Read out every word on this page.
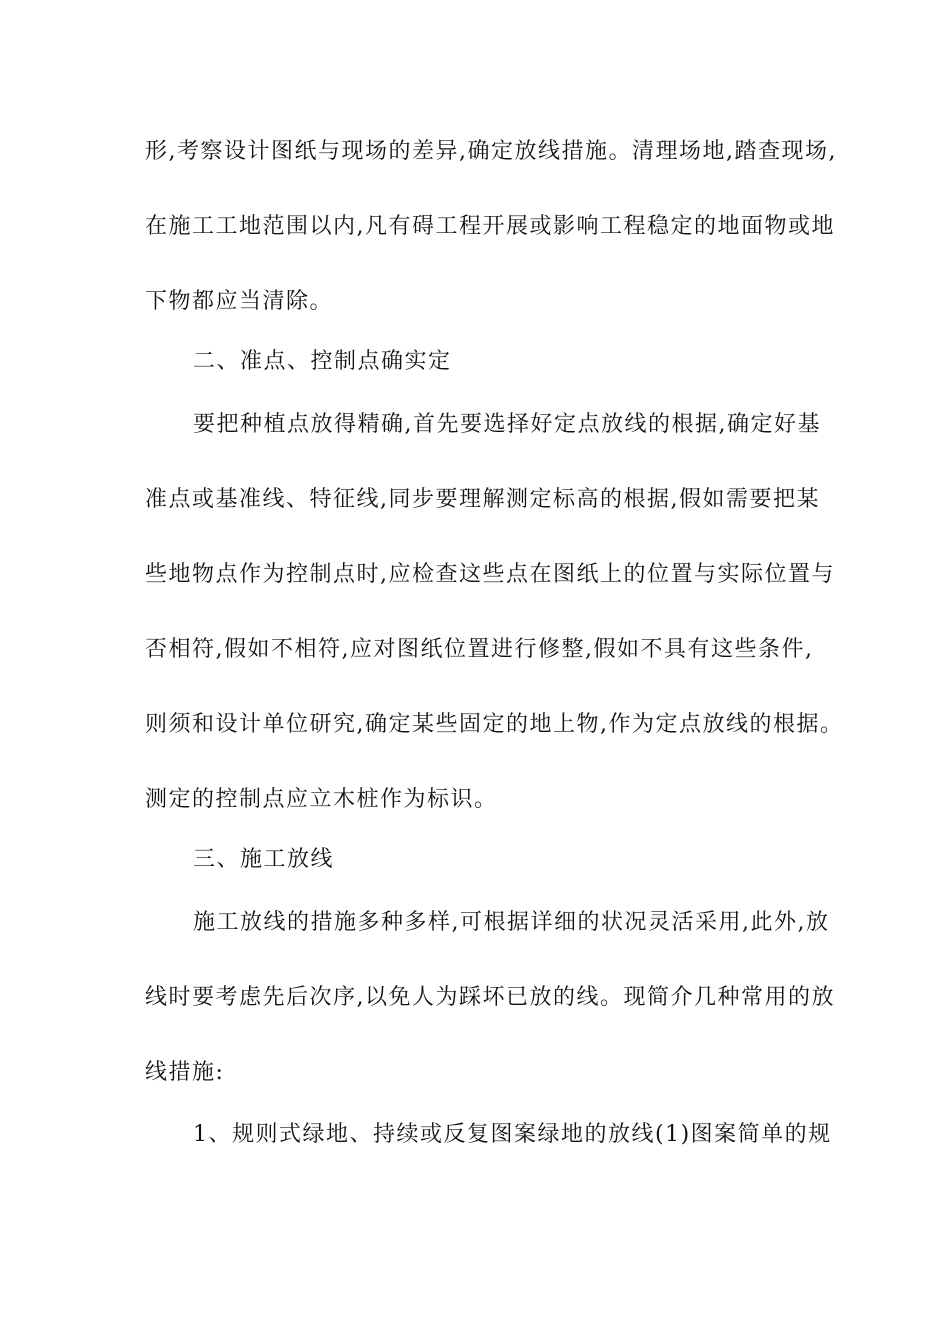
形,考察设计图纸与现场的差异,确定放线措施。清理场地,踏查现场,
在施工工地范围以内,凡有碍工程开展或影响工程稳定的地面物或地
下物都应当清除。
二、准点、控制点确实定
要把种植点放得精确,首先要选择好定点放线的根据,确定好基
准点或基准线、特征线,同步要理解测定标高的根据,假如需要把某
些地物点作为控制点时,应检查这些点在图纸上的位置与实际位置与
否相符,假如不相符,应对图纸位置进行修整,假如不具有这些条件,
则须和设计单位研究,确定某些固定的地上物,作为定点放线的根据。
测定的控制点应立木桩作为标识。
三、施工放线
施工放线的措施多种多样,可根据详细的状况灵活采用,此外,放
线时要考虑先后次序,以免人为踩坏已放的线。现简介几种常用的放
线措施:
1、规则式绿地、持续或反复图案绿地的放线(1)图案简单的规
